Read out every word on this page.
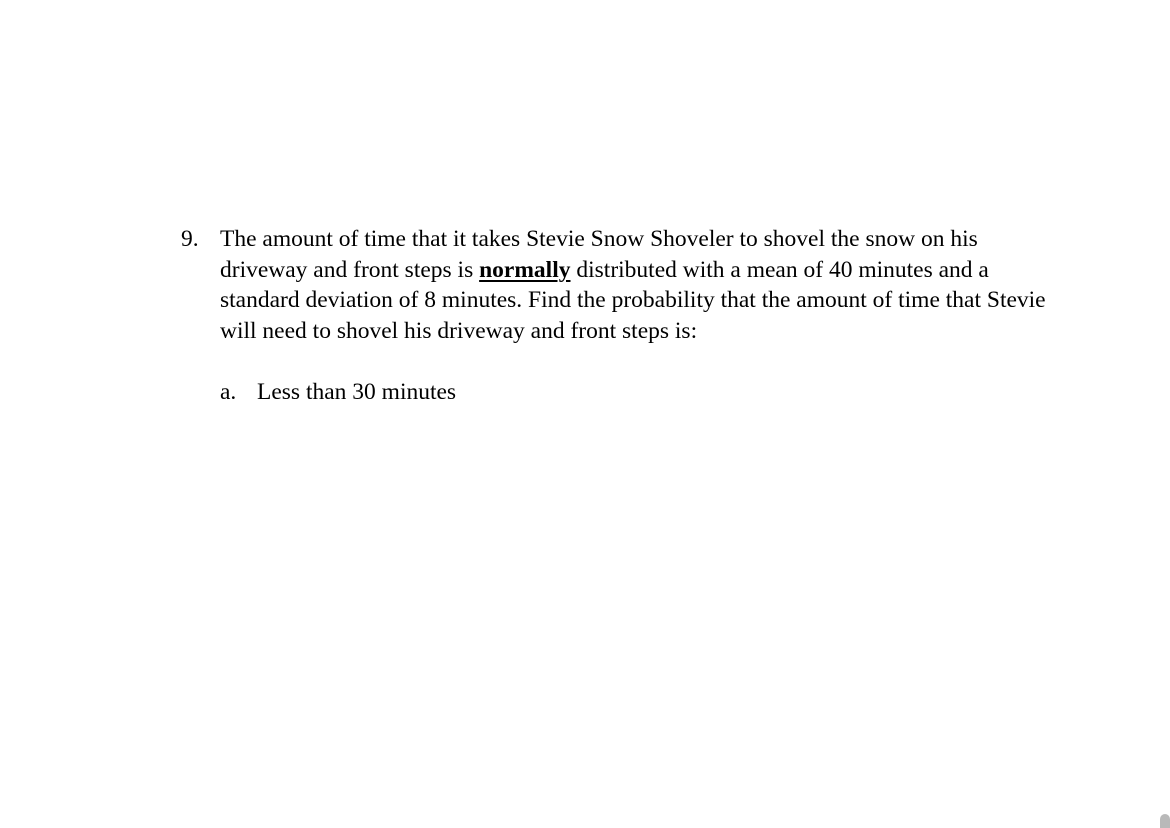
9. The amount of time that it takes Stevie Snow Shoveler to shovel the snow on his
driveway and front steps is normally distributed with a mean of 40 minutes and a
standard deviation of 8 minutes. Find the probability that the amount of time that Stevie
will need to shovel his driveway and front steps is:
a. Less than 30 minutes
